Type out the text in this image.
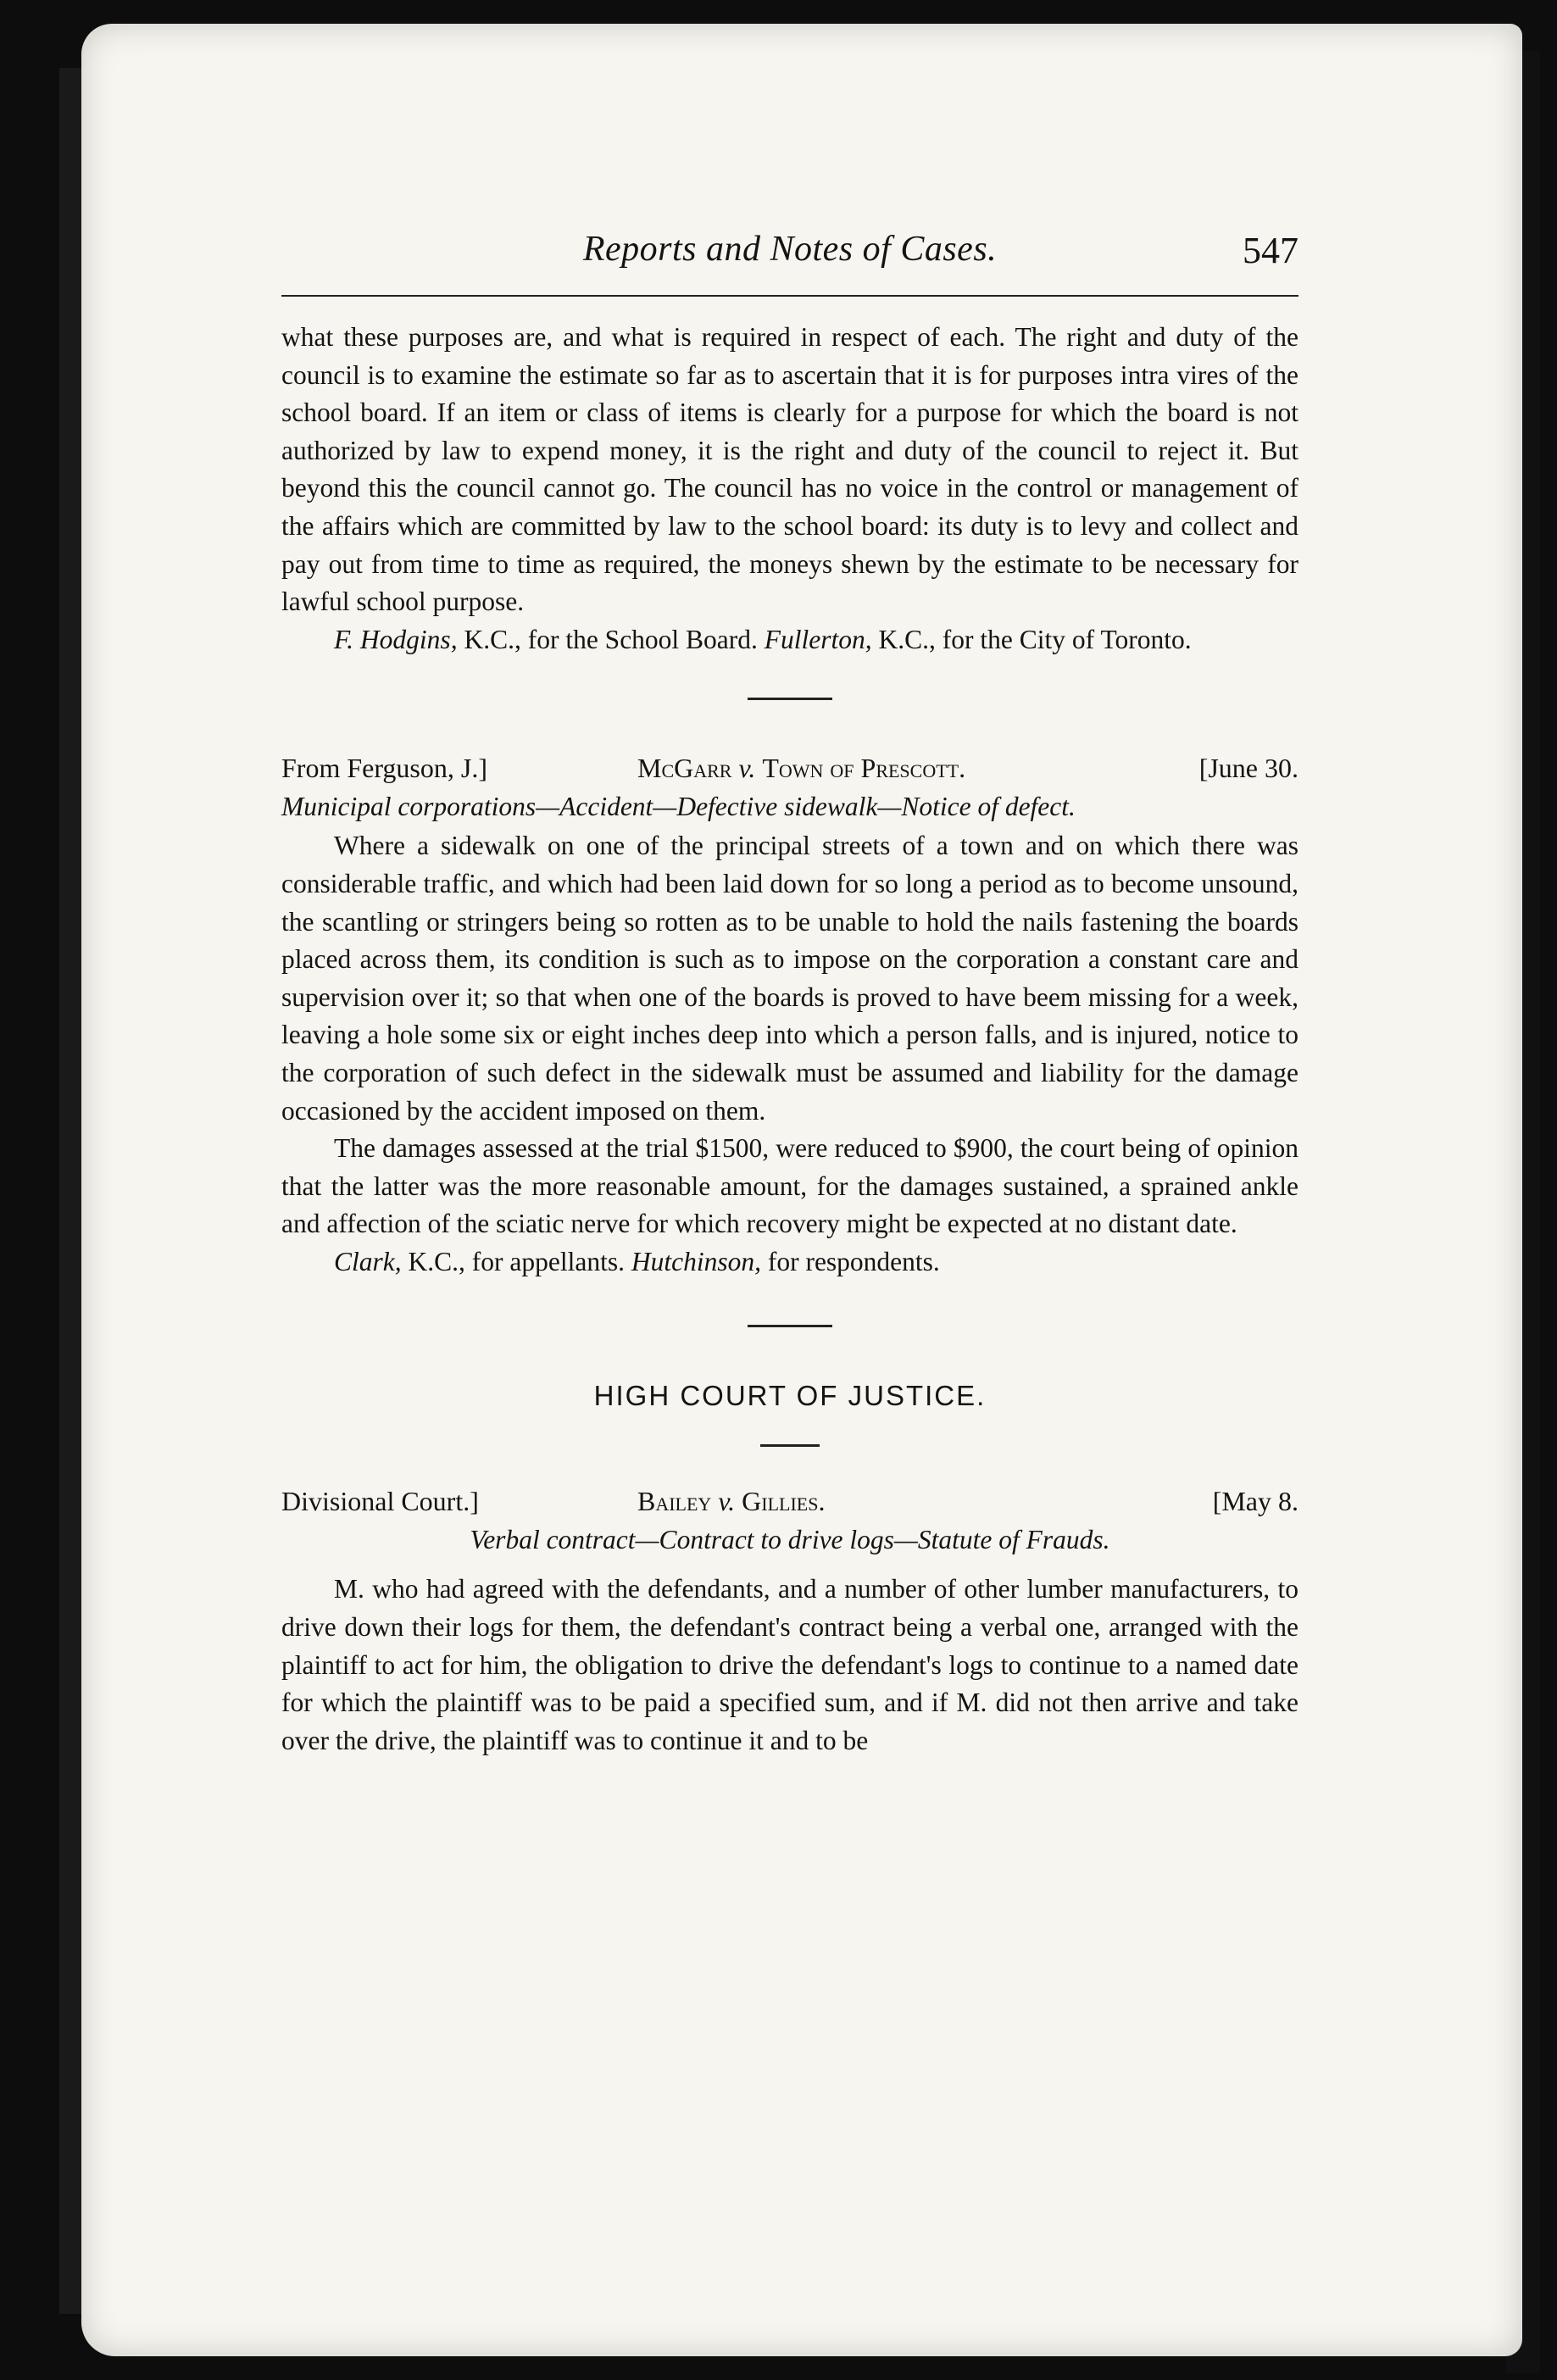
Reports and Notes of Cases.	547

what these purposes are, and what is required in respect of each. The right and duty of the council is to examine the estimate so far as to ascertain that it is for purposes intra vires of the school board. If an item or class of items is clearly for a purpose for which the board is not authorized by law to expend money, it is the right and duty of the council to reject it. But beyond this the council cannot go. The council has no voice in the control or management of the affairs which are committed by law to the school board: its duty is to levy and collect and pay out from time to time as required, the moneys shewn by the estimate to be necessary for lawful school purpose.

F. Hodgins, K.C., for the School Board. Fullerton, K.C., for the City of Toronto.

From Ferguson, J.]	McGarr v. Town of Prescott.	[June 30.
Municipal corporations—Accident—Defective sidewalk—Notice of defect.

Where a sidewalk on one of the principal streets of a town and on which there was considerable traffic, and which had been laid down for so long a period as to become unsound, the scantling or stringers being so rotten as to be unable to hold the nails fastening the boards placed across them, its condition is such as to impose on the corporation a constant care and supervision over it; so that when one of the boards is proved to have beem missing for a week, leaving a hole some six or eight inches deep into which a person falls, and is injured, notice to the corporation of such defect in the sidewalk must be assumed and liability for the damage occasioned by the accident imposed on them.

The damages assessed at the trial $1500, were reduced to $900, the court being of opinion that the latter was the more reasonable amount, for the damages sustained, a sprained ankle and affection of the sciatic nerve for which recovery might be expected at no distant date.

Clark, K.C., for appellants. Hutchinson, for respondents.

HIGH COURT OF JUSTICE.
Divisional Court.]	Bailey v. Gillies.	[May 8.
Verbal contract—Contract to drive logs—Statute of Frauds.

M. who had agreed with the defendants, and a number of other lumber manufacturers, to drive down their logs for them, the defendant's contract being a verbal one, arranged with the plaintiff to act for him, the obligation to drive the defendant's logs to continue to a named date for which the plaintiff was to be paid a specified sum, and if M. did not then arrive and take over the drive, the plaintiff was to continue it and to be
